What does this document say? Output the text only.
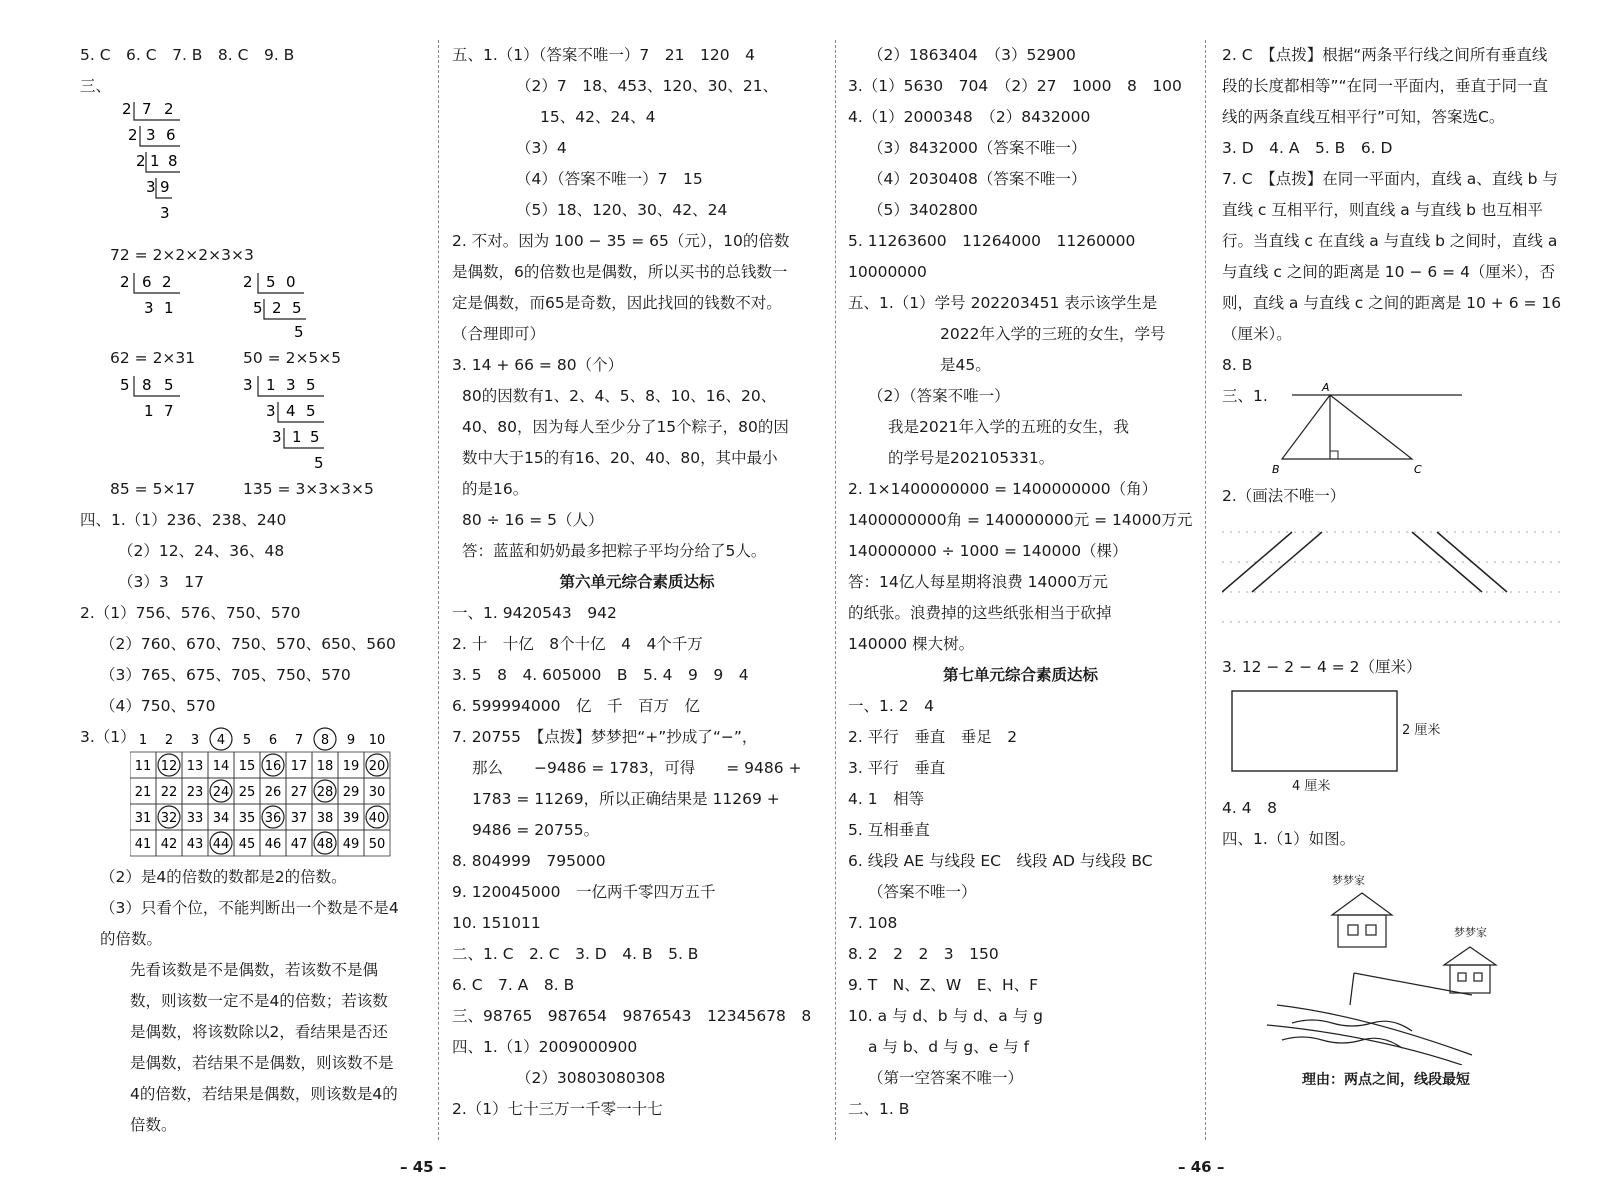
5. C　6. C　7. B　8. C　9. B
三、
2 7 2
2 3 6
2 1 8
3 9
3
72 = 2×2×2×3×3
2 6 2
3 1
2 5 0
5 2 5
5
62 = 2×31	50 = 2×5×5
5 8 5
1 7
3 1 3 5
3 4 5
3 1 5
5
85 = 5×17	135 = 3×3×3×5
四、1.（1）236、238、240
（2）12、24、36、48
（3）3　17
2.（1）756、576、750、570
（2）760、670、750、570、650、560
（3）765、675、705、750、570
（4）750、570
3.（1） 1 2 3 4 5 6 7 8 9 10
11 12 13 14 15 16 17 18 19 20
21 22 23 24 25 26 27 28 29 30
31 32 33 34 35 36 37 38 39 40
41 42 43 44 45 46 47 48 49 50
（2）是4的倍数的数都是2的倍数。
（3）只看个位，不能判断出一个数是不是4的倍数。
先看该数是不是偶数，若该数不是偶数，则该数一定不是4的倍数；若该数是偶数，将该数除以2，看结果是否还是偶数，若结果不是偶数，则该数不是4的倍数，若结果是偶数，则该数是4的倍数。
五、1.（1）（答案不唯一）7　21　120　4
（2）7　18、453、120、30、21、
15、42、24、4
（3）4
（4）（答案不唯一）7　15
（5）18、120、30、42、24
2. 不对。因为 100 − 35 = 65（元），10的倍数是偶数，6的倍数也是偶数，所以买书的总钱数一定是偶数，而65是奇数，因此找回的钱数不对。（合理即可）
3. 14 + 66 = 80（个）
80的因数有1、2、4、5、8、10、16、20、40、80，因为每人至少分了15个粽子，80的因数中大于15的有16、20、40、80，其中最小的是16。
80 ÷ 16 = 5（人）
答：蓝蓝和奶奶最多把粽子平均分给了5人。
第六单元综合素质达标
一、1. 9420543　942
2. 十　十亿　8个十亿　4　4个千万
3. 5　8　4. 605000　B　5. 4　9　9　4
6. 599994000　亿　千　百万　亿
7. 20755　【点拨】梦梦把“+”抄成了“−”，
那么　　−9486 = 1783，可得　　= 9486 +
1783 = 11269，所以正确结果是 11269 +
9486 = 20755。
8. 804999　795000
9. 120045000　一亿两千零四万五千
10. 151011
二、1. C　2. C　3. D　4. B　5. B
6. C　7. A　8. B
三、98765　987654　9876543　12345678　8
四、1.（1）2009000900
（2）30803080308
2.（1）七十三万一千零一十七
（2）1863404　（3）52900
3.（1）5630　704　（2）27　1000　8　100
4.（1）2000348　（2）8432000
（3）8432000（答案不唯一）
（4）2030408（答案不唯一）
（5）3402800
5. 11263600　11264000　11260000
10000000
五、1.（1）学号 202203451 表示该学生是
2022年入学的三班的女生，学号
是45。
（2）（答案不唯一）
我是2021年入学的五班的女生，我
的学号是202105331。
2. 1×1400000000 = 1400000000（角）
1400000000角 = 140000000元 = 14000万元
140000000 ÷ 1000 = 140000（棵）
答：14亿人每星期将浪费 14000万元
的纸张。浪费掉的这些纸张相当于砍掉
140000 棵大树。
第七单元综合素质达标
一、1. 2　4
2. 平行　垂直　垂足　2
3. 平行　垂直
4. 1　相等
5. 互相垂直
6. 线段 AE 与线段 EC　线段 AD 与线段 BC
（答案不唯一）
7. 108
8. 2　2　2　3　150
9. T　N、Z、W　E、H、F
10. a 与 d、b 与 d、a 与 g
a 与 b、d 与 g、e 与 f
（第一空答案不唯一）
二、1. B
2. C　【点拨】根据“两条平行线之间所有垂直线段的长度都相等”“在同一平面内，垂直于同一直线的两条直线互相平行”可知，答案选C。
3. D　4. A　5. B　6. D
7. C　【点拨】在同一平面内，直线 a、直线 b 与直线 c 互相平行，则直线 a 与直线 b 也互相平行。当直线 c 在直线 a 与直线 b 之间时，直线 a 与直线 c 之间的距离是 10 − 6 = 4（厘米），否则，直线 a 与直线 c 之间的距离是 10 + 6 = 16（厘米）。
8. B
三、1.	A
B	C
2.（画法不唯一）
3. 12 − 2 − 4 = 2（厘米）
2 厘米
4 厘米
4. 4　8
四、1.（1）如图。
梦梦家
梦梦家
理由：两点之间，线段最短
– 45 –	– 46 –
